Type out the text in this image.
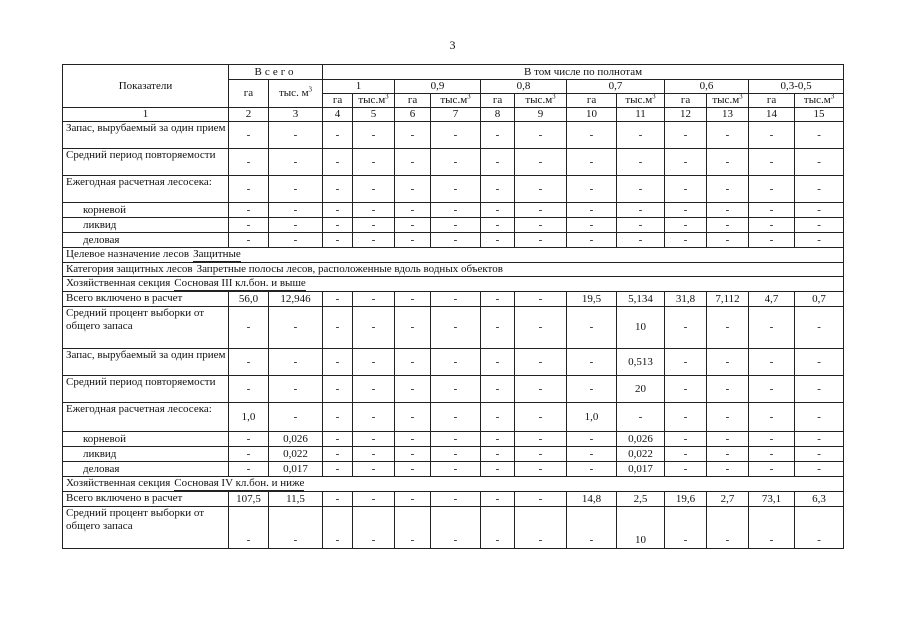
3
Показатели	Всего		В том числе по полнотам											
	га	тыс. $м^3$	1		0,9		0,8		0,7		0,6		0,3-0,5	
			га	$тыс.м^3$	га	$тыс.м^3$	га	$тыс.м^3$	га	$тыс.м^3$	га	$тыс.м^3$	га	$тыс.м^3$
1	2	3	4	5	6	7	8	9	10	11	12	13	14	15
Запас, вырубаемый за один прием	-	-	-	-	-	-	-	-	-	-	-	-	-	-
Средний период повторяемости	-	-	-	-	-	-	-	-	-	-	-	-	-	-
Ежегодная расчетная лесосека:	-	-	-	-	-	-	-	-	-	-	-	-	-	-
корневой	-	-	-	-	-	-	-	-	-	-	-	-	-	-
ликвид	-	-	-	-	-	-	-	-	-	-	-	-	-	-
деловая	-	-	-	-	-	-	-	-	-	-	-	-	-	-
Целевое назначение лесов Защитные														
Категория защитных лесов Запретные полосы лесов, расположенные вдоль водных объектов														
Хозяйственная секция Сосновая III кл.бон. и выше														
Всего включено в расчет	56,0	12,946	-	-	-	-	-	-	19,5	5,134	31,8	7,112	4,7	0,7
Средний процент выборки от общего запаса	-	-	-	-	-	-	-	-	-	10	-	-	-	-
Запас, вырубаемый за один прием	-	-	-	-	-	-	-	-	-	0,513	-	-	-	-
Средний период повторяемости	-	-	-	-	-	-	-	-	-	20	-	-	-	-
Ежегодная расчетная лесосека:	1,0	-	-	-	-	-	-	-	1,0	-	-	-	-	-
корневой	-	0,026	-	-	-	-	-	-	-	0,026	-	-	-	-
ликвид	-	0,022	-	-	-	-	-	-	-	0,022	-	-	-	-
деловая	-	0,017	-	-	-	-	-	-	-	0,017	-	-	-	-
Хозяйственная секция Сосновая IV кл.бон. и ниже														
Всего включено в расчет	107,5	11,5	-	-	-	-	-	-	14,8	2,5	19,6	2,7	73,1	6,3
Средний процент выборки от общего запаса	-	-	-	-	-	-	-	-	-	10	-	-	-	-
